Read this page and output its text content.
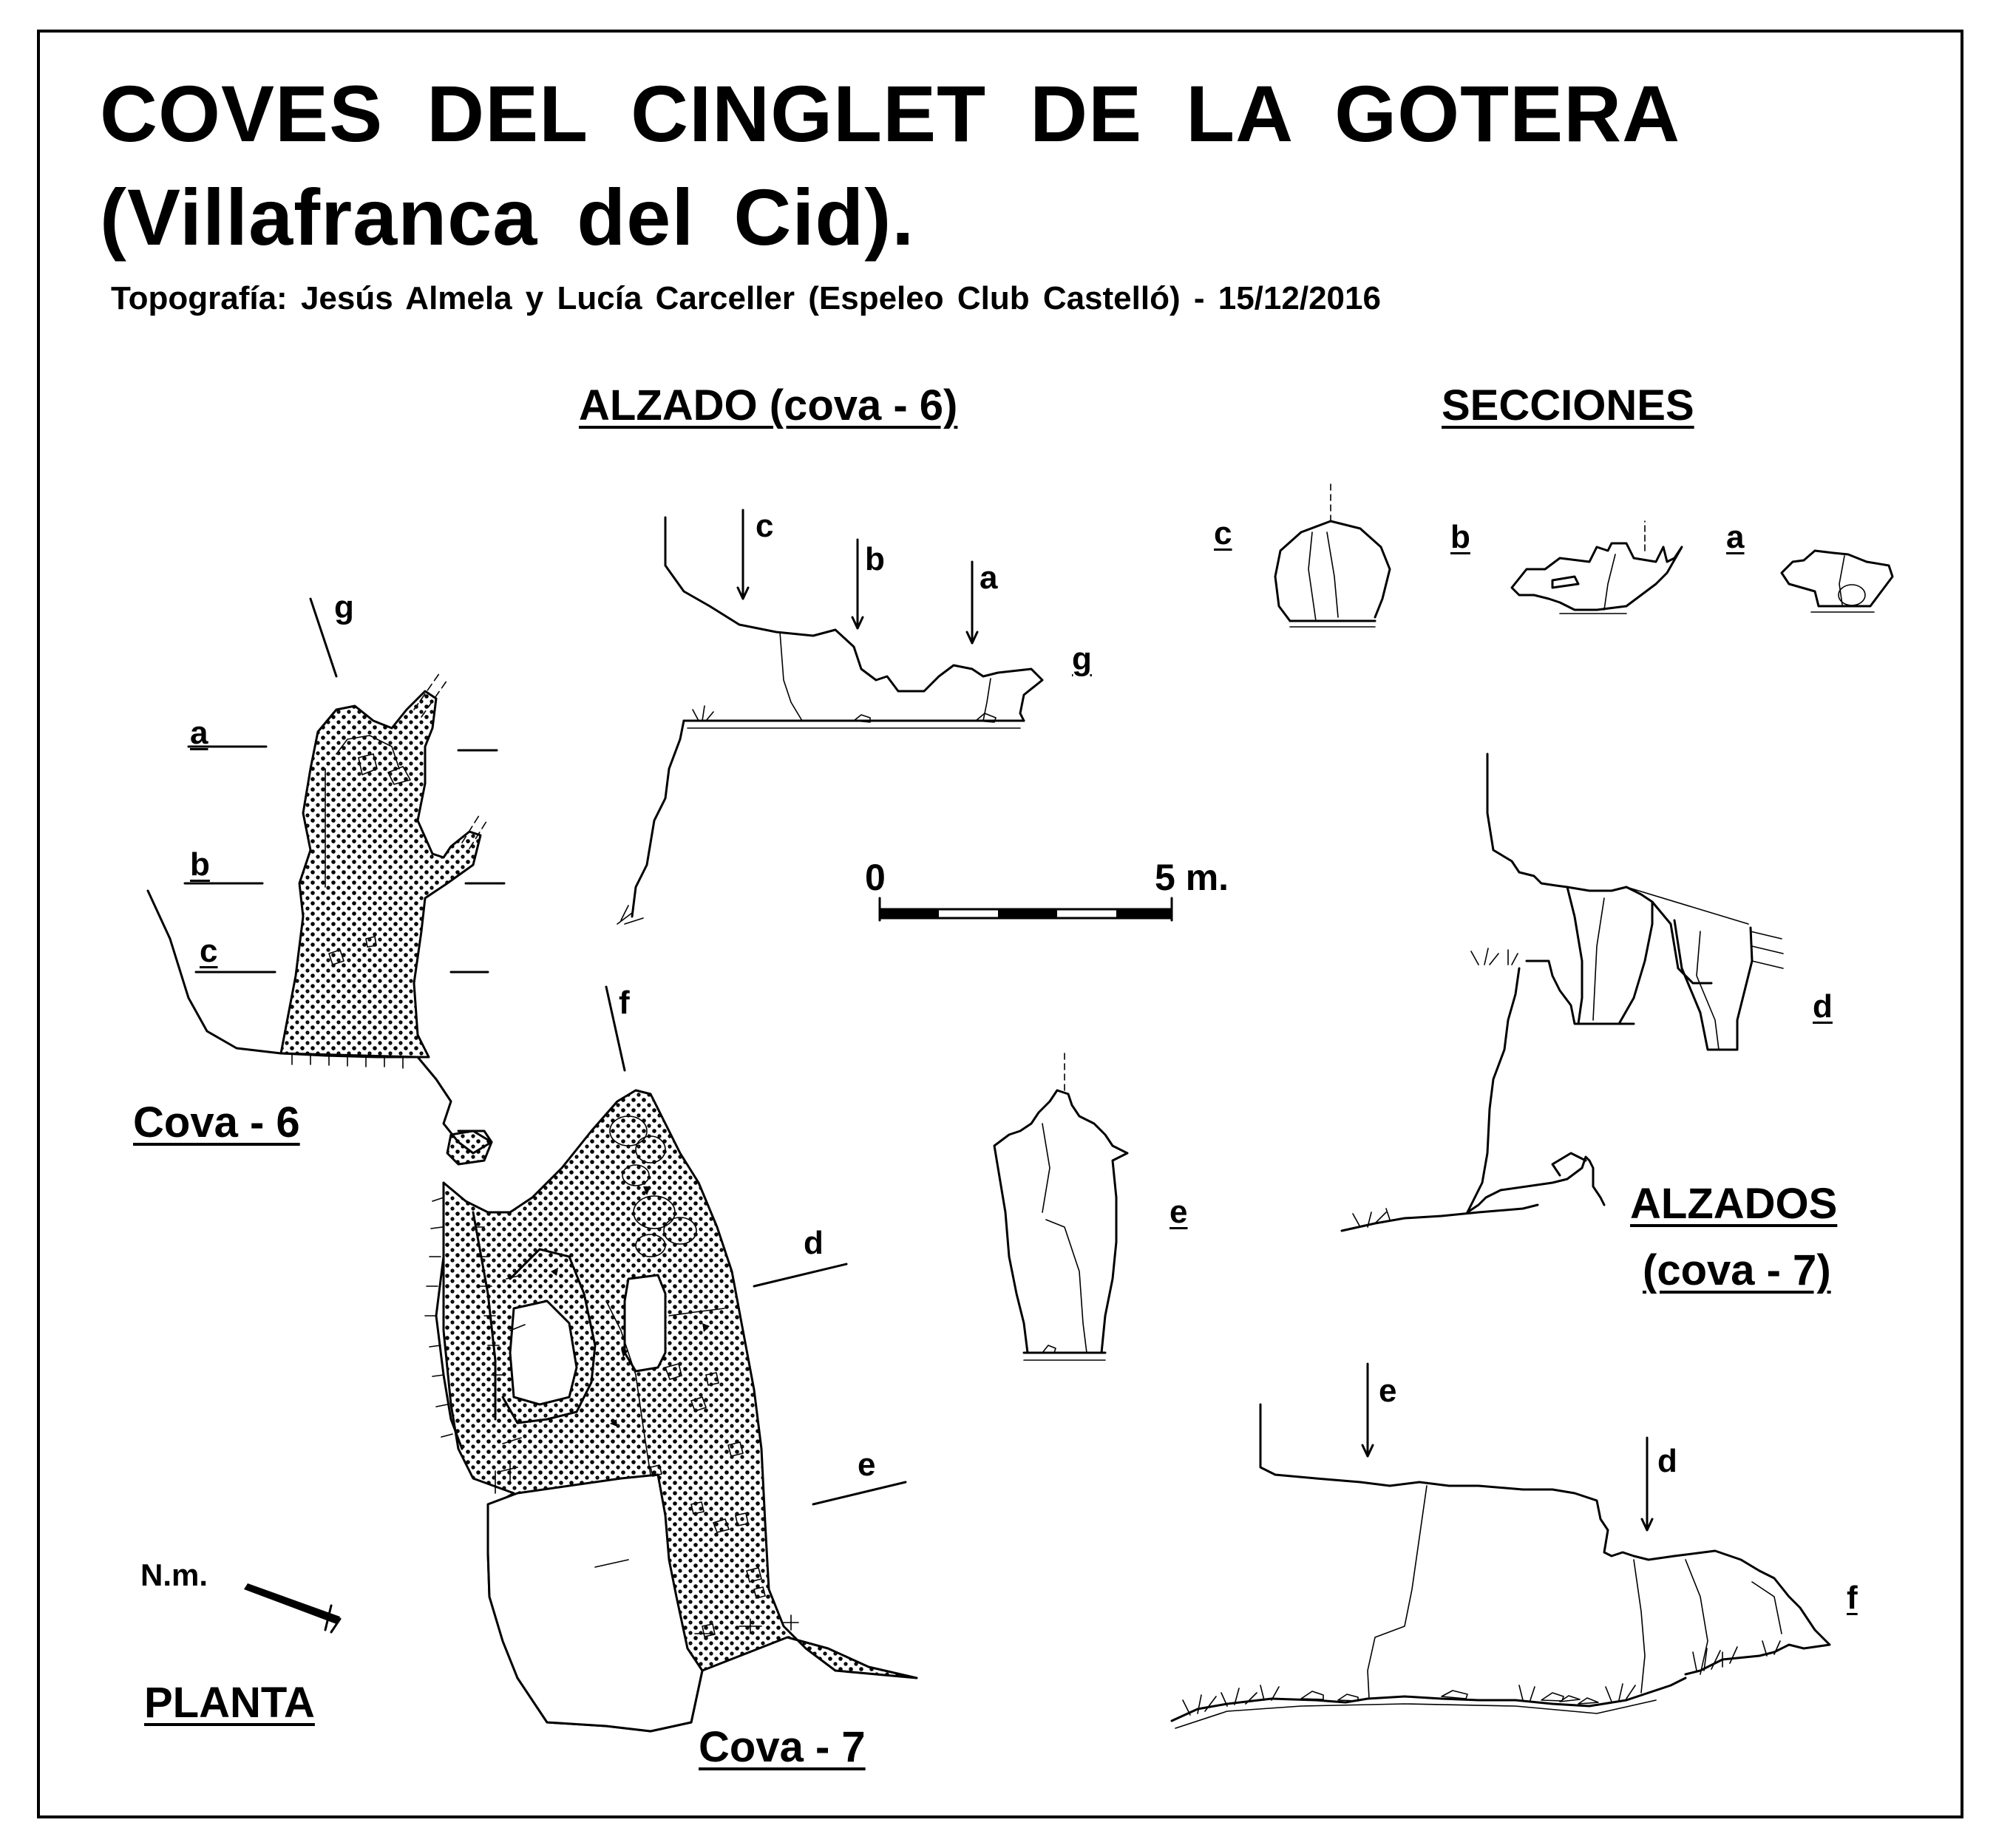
COVES DEL CINGLET DE LA GOTERA
(Villafranca del Cid).
Topografía: Jesús Almela y Lucía Carceller (Espeleo Club Castelló) - 15/12/2016
ALZADO (cova - 6)	SECCIONES
ALZADOS
(cova - 7)
PLANTA
Cova - 6
Cova - 7
0	5 m.
N.m.
a
b
c
g
f
d
e
c
b
a
g
c	b	a
e
d
e
d
f
